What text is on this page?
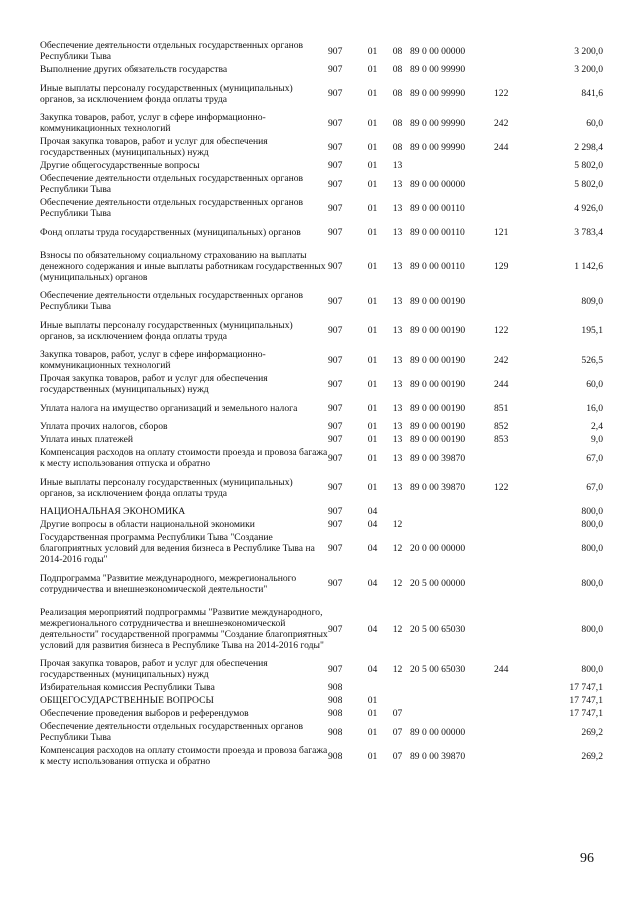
Обеспечение деятельности отдельных государственных органов Республики Тыва	907	01	08	89 0 00 00000		3 200,0
Выполнение других обязательств государства	907	01	08	89 0 00 99990		3 200,0
Иные выплаты персоналу государственных (муниципальных) органов, за исключением фонда оплаты труда	907	01	08	89 0 00 99990	122	841,6
Закупка товаров, работ, услуг в сфере информационно-коммуникационных технологий	907	01	08	89 0 00 99990	242	60,0
Прочая закупка товаров, работ и услуг для обеспечения государственных (муниципальных) нужд	907	01	08	89 0 00 99990	244	2 298,4
Другие общегосударственные вопросы	907	01	13			5 802,0
Обеспечение деятельности отдельных государственных органов Республики Тыва	907	01	13	89 0 00 00000		5 802,0
Обеспечение деятельности отдельных государственных органов Республики Тыва	907	01	13	89 0 00 00110		4 926,0
Фонд оплаты труда государственных (муниципальных) органов	907	01	13	89 0 00 00110	121	3 783,4
Взносы по обязательному социальному страхованию на выплаты денежного содержания и иные выплаты работникам государственных (муниципальных) органов	907	01	13	89 0 00 00110	129	1 142,6
Обеспечение деятельности отдельных государственных органов Республики Тыва	907	01	13	89 0 00 00190		809,0
Иные выплаты персоналу государственных (муниципальных) органов, за исключением фонда оплаты труда	907	01	13	89 0 00 00190	122	195,1
Закупка товаров, работ, услуг в сфере информационно-коммуникационных технологий	907	01	13	89 0 00 00190	242	526,5
Прочая закупка товаров, работ и услуг для обеспечения государственных (муниципальных) нужд	907	01	13	89 0 00 00190	244	60,0
Уплата налога на имущество организаций и земельного налога	907	01	13	89 0 00 00190	851	16,0
Уплата прочих налогов, сборов	907	01	13	89 0 00 00190	852	2,4
Уплата иных платежей	907	01	13	89 0 00 00190	853	9,0
Компенсация расходов на оплату стоимости проезда и провоза багажа к месту использования отпуска и обратно	907	01	13	89 0 00 39870		67,0
Иные выплаты персоналу государственных (муниципальных) органов, за исключением фонда оплаты труда	907	01	13	89 0 00 39870	122	67,0
НАЦИОНАЛЬНАЯ ЭКОНОМИКА	907	04				800,0
Другие вопросы в области национальной экономики	907	04	12			800,0
Государственная программа Республики Тыва "Создание благоприятных условий для ведения бизнеса в Республике Тыва на 2014-2016 годы"	907	04	12	20 0 00 00000		800,0
Подпрограмма "Развитие международного, межрегионального сотрудничества и внешнеэкономической деятельности"	907	04	12	20 5 00 00000		800,0
Реализация мероприятий подпрограммы "Развитие международного, межрегионального сотрудничества и внешнеэкономической деятельности" государственной программы "Создание благоприятных условий для развития бизнеса в Республике Тыва на 2014-2016 годы"	907	04	12	20 5 00 65030		800,0
Прочая закупка товаров, работ и услуг для обеспечения государственных (муниципальных) нужд	907	04	12	20 5 00 65030	244	800,0
Избирательная комиссия Республики Тыва	908					17 747,1
ОБЩЕГОСУДАРСТВЕННЫЕ ВОПРОСЫ	908	01				17 747,1
Обеспечение проведения выборов и референдумов	908	01	07			17 747,1
Обеспечение деятельности отдельных государственных органов Республики Тыва	908	01	07	89 0 00 00000		269,2
Компенсация расходов на оплату стоимости проезда и провоза багажа к месту использования отпуска и обратно	908	01	07	89 0 00 39870		269,2
96
